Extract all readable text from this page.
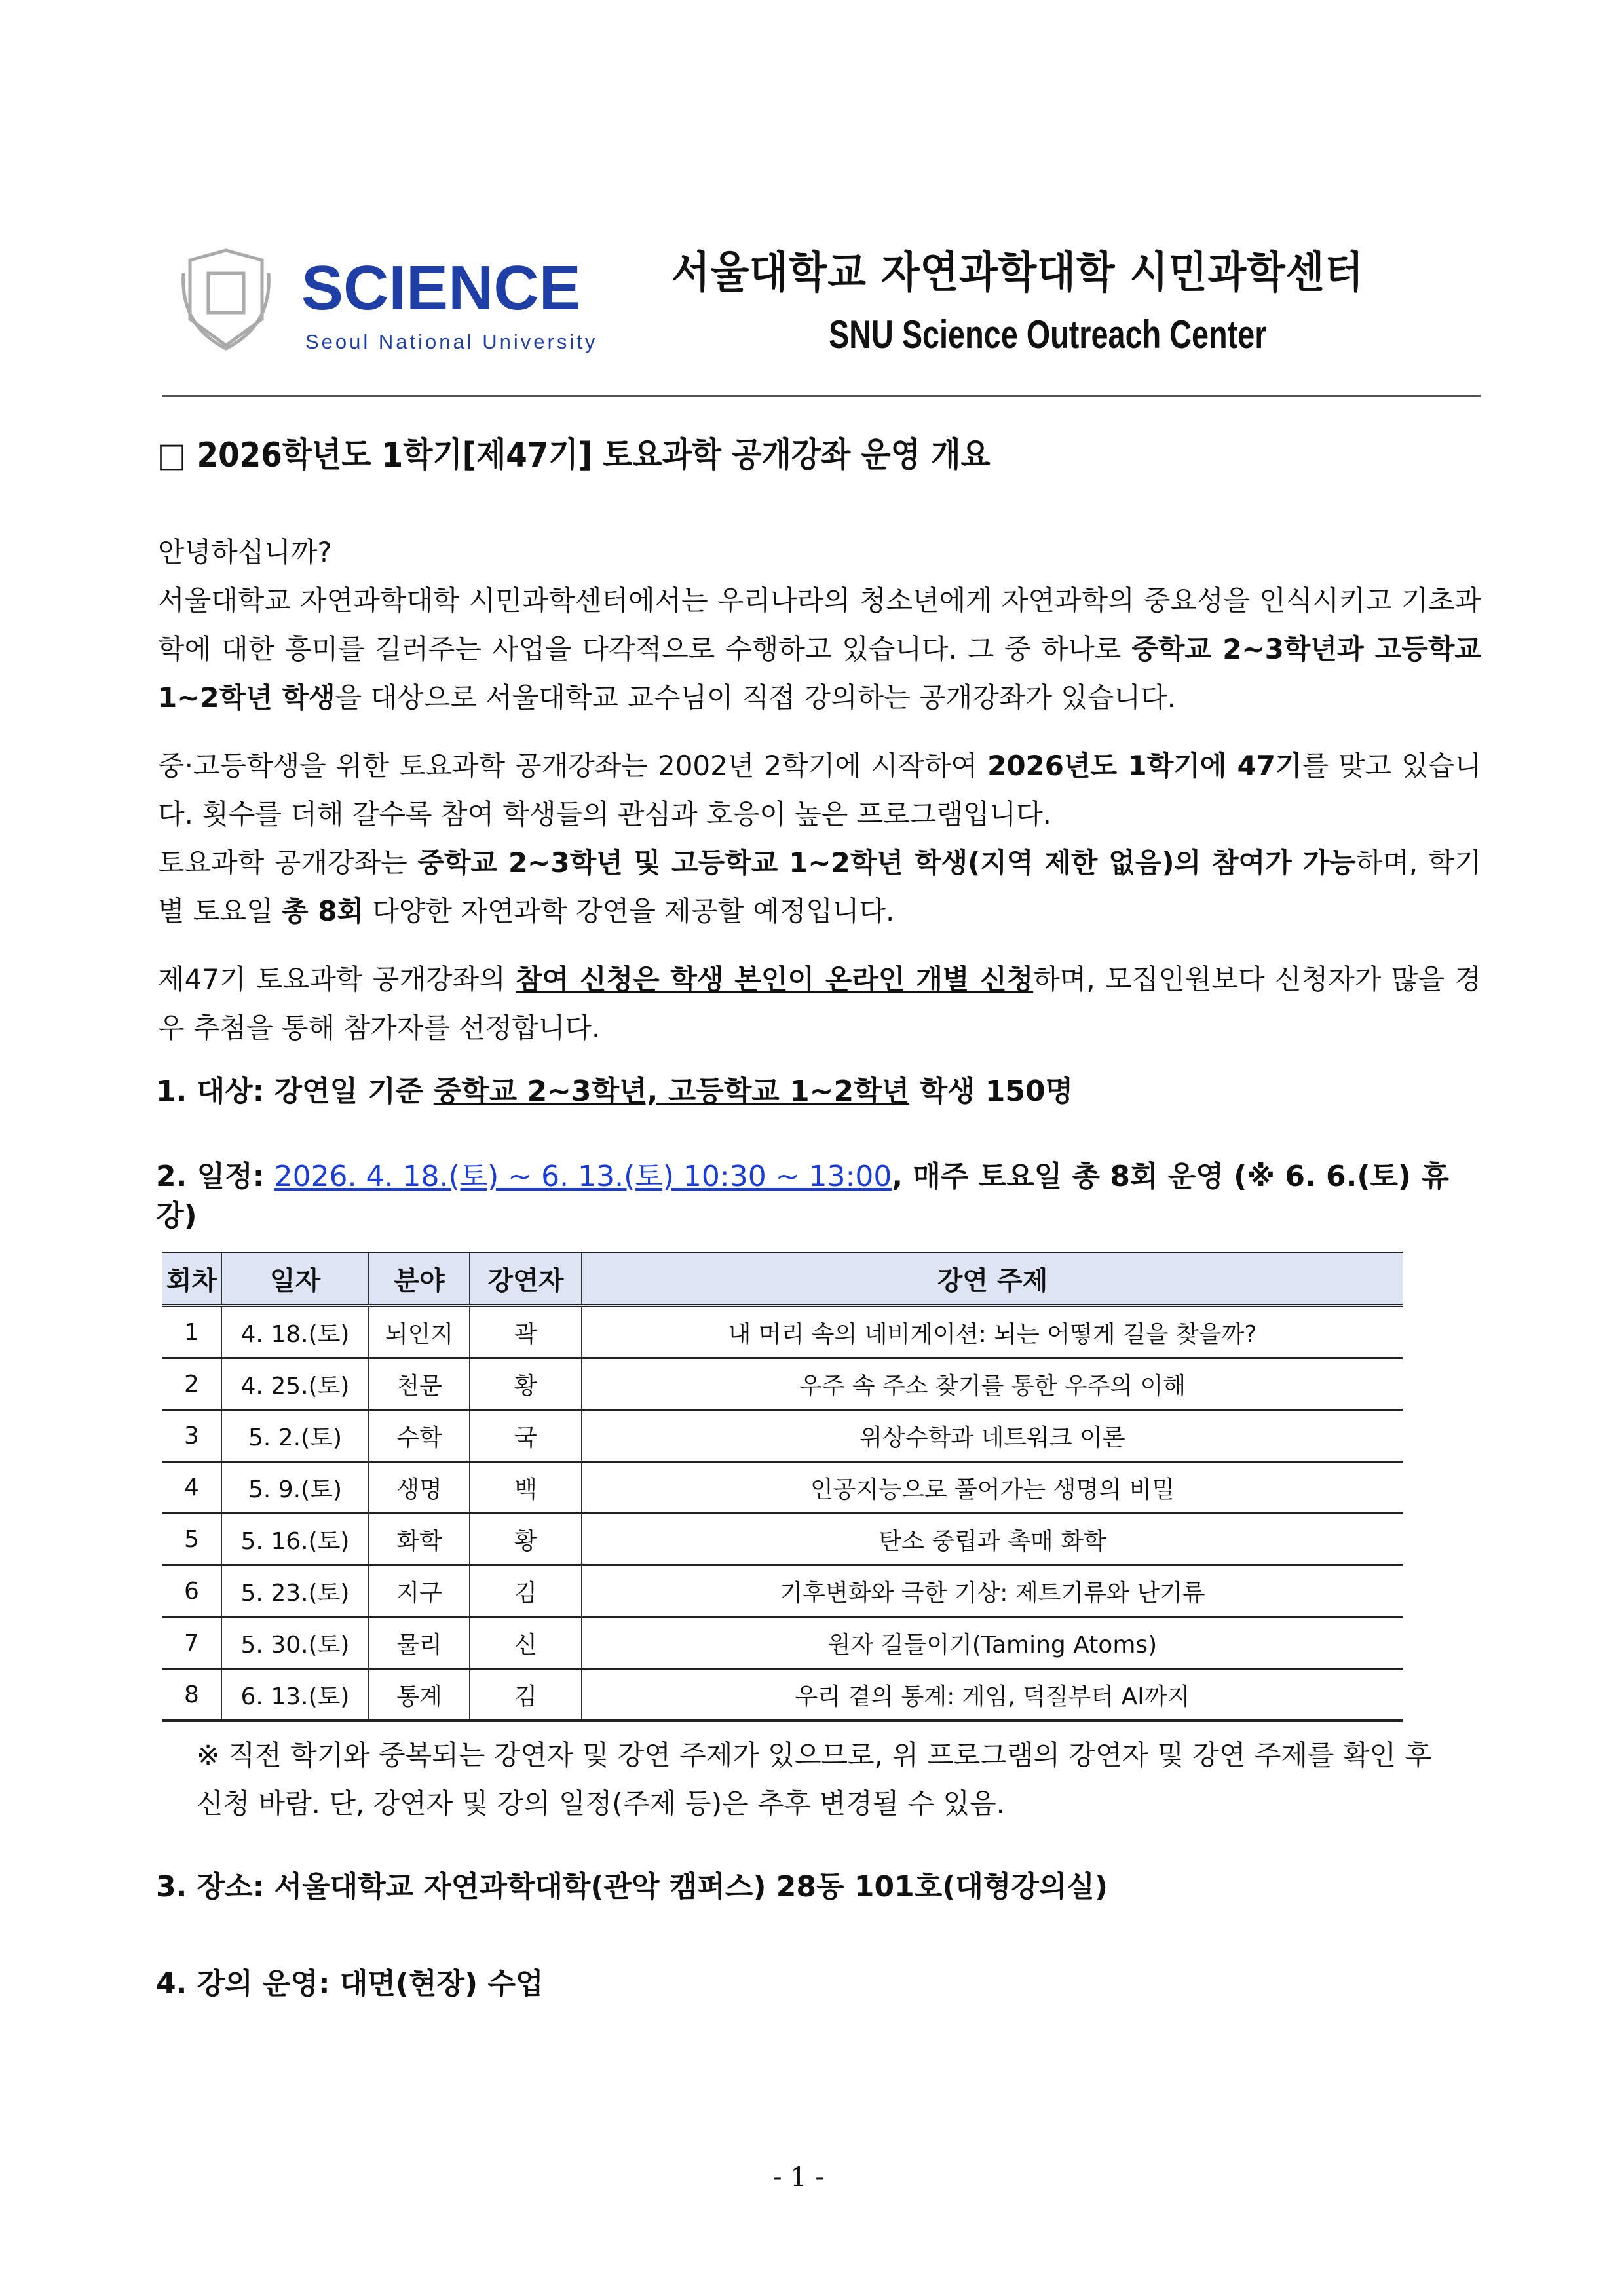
SCIENCE
Seoul National University
서울대학교 자연과학대학 시민과학센터
SNU Science Outreach Center
□ 2026학년도 1학기[제47기] 토요과학 공개강좌 운영 개요
안녕하십니까?
서울대학교 자연과학대학 시민과학센터에서는 우리나라의 청소년에게 자연과학의 중요성을 인식시키고 기초과학에 대한 흥미를 길러주는 사업을 다각적으로 수행하고 있습니다. 그 중 하나로 중학교 2~3학년과 고등학교 1~2학년 학생을 대상으로 서울대학교 교수님이 직접 강의하는 공개강좌가 있습니다.
중·고등학생을 위한 토요과학 공개강좌는 2002년 2학기에 시작하여 2026년도 1학기에 47기를 맞고 있습니다. 횟수를 더해 갈수록 참여 학생들의 관심과 호응이 높은 프로그램입니다.
토요과학 공개강좌는 중학교 2~3학년 및 고등학교 1~2학년 학생(지역 제한 없음)의 참여가 가능하며, 학기별 토요일 총 8회 다양한 자연과학 강연을 제공할 예정입니다.
제47기 토요과학 공개강좌의 참여 신청은 학생 본인이 온라인 개별 신청하며, 모집인원보다 신청자가 많을 경우 추첨을 통해 참가자를 선정합니다.
1. 대상: 강연일 기준 중학교 2~3학년, 고등학교 1~2학년 학생 150명
2. 일정: 2026. 4. 18.(토) ~ 6. 13.(토) 10:30 ~ 13:00, 매주 토요일 총 8회 운영 (※ 6. 6.(토) 휴강)
회차	일자	분야	강연자	강연 주제
1	4. 18.(토)	뇌인지	곽	내 머리 속의 네비게이션: 뇌는 어떻게 길을 찾을까?
2	4. 25.(토)	천문	황	우주 속 주소 찾기를 통한 우주의 이해
3	5. 2.(토)	수학	국	위상수학과 네트워크 이론
4	5. 9.(토)	생명	백	인공지능으로 풀어가는 생명의 비밀
5	5. 16.(토)	화학	황	탄소 중립과 촉매 화학
6	5. 23.(토)	지구	김	기후변화와 극한 기상: 제트기류와 난기류
7	5. 30.(토)	물리	신	원자 길들이기(Taming Atoms)
8	6. 13.(토)	통계	김	우리 곁의 통계: 게임, 덕질부터 AI까지
※ 직전 학기와 중복되는 강연자 및 강연 주제가 있으므로, 위 프로그램의 강연자 및 강연 주제를 확인 후 신청 바람. 단, 강연자 및 강의 일정(주제 등)은 추후 변경될 수 있음.
3. 장소: 서울대학교 자연과학대학(관악 캠퍼스) 28동 101호(대형강의실)
4. 강의 운영: 대면(현장) 수업
- 1 -
